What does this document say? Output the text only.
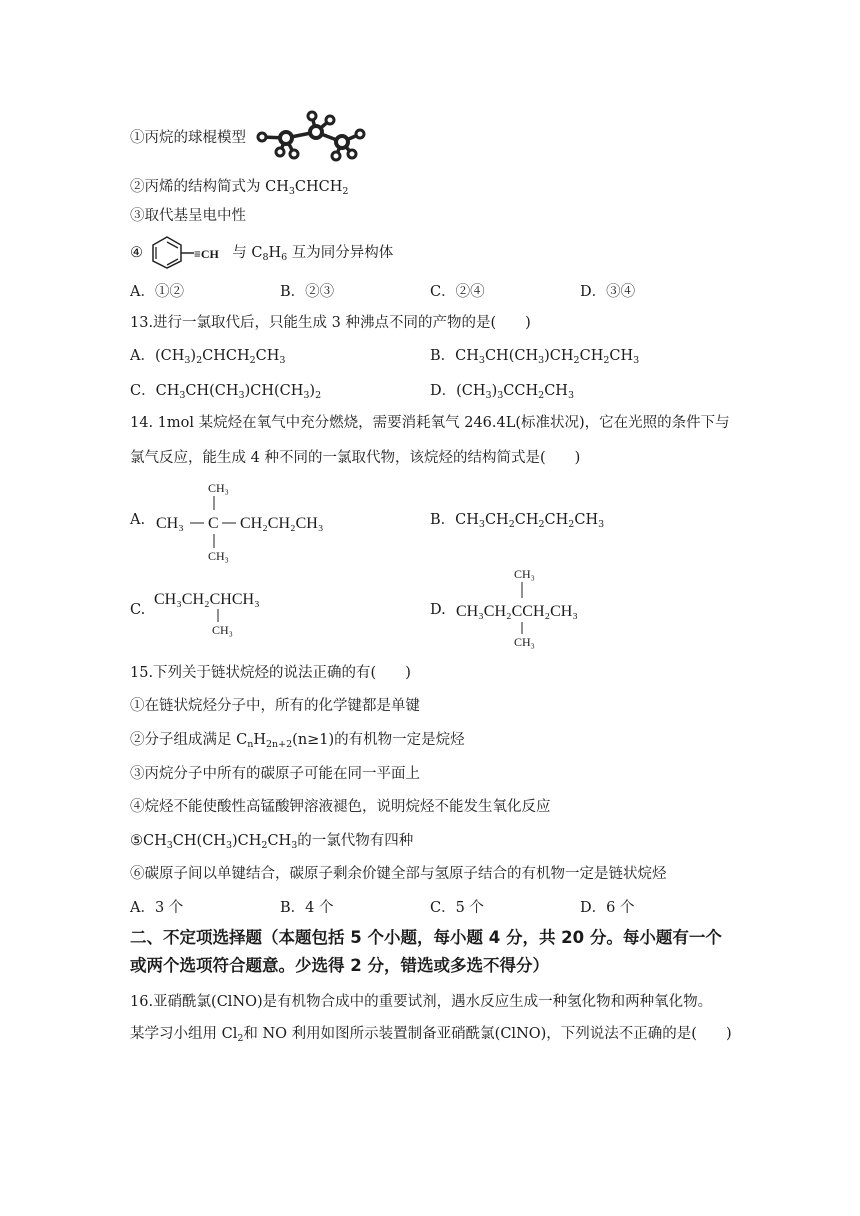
①丙烷的球棍模型
②丙烯的结构简式为 $CH_3CHCH_2$
③取代基呈电中性
④	与 $C_8H_6$ 互为同分异构体
≡CH
A．①②	B．②③	C．②④	D．③④
13.进行一氯取代后，只能生成 3 种沸点不同的产物的是(　　)
A．$(CH_3)_2CHCH_2CH_3$	B．$CH_3CH(CH_3)CH_2CH_2CH_3$
C．$CH_3CH(CH_3)CH(CH_3)_2$	D．$(CH_3)_3CCH_2CH_3$
14. 1mol 某烷烃在氧气中充分燃烧，需要消耗氧气 246.4L(标准状况)，它在光照的条件下与
氯气反应，能生成 4 种不同的一氯取代物，该烷烃的结构简式是(　　)
A.
CH₃
CH₃ C CH₂CH₂CH₃
CH₃
B．$CH_3CH_2CH_2CH_2CH_3$
C.
CH₃CH₂CHCH₃
CH₃
D.
CH₃
CH₃CH₂CCH₂CH₃
CH₃
15.下列关于链状烷烃的说法正确的有(　　)
①在链状烷烃分子中，所有的化学键都是单键
②分子组成满足 $C_nH_{2n+2}(n\ge 1)$的有机物一定是烷烃
③丙烷分子中所有的碳原子可能在同一平面上
④烷烃不能使酸性高锰酸钾溶液褪色，说明烷烃不能发生氧化反应
$⑤CH_3CH(CH_3)CH_2CH_3$的一氯代物有四种
⑥碳原子间以单键结合，碳原子剩余价键全部与氢原子结合的有机物一定是链状烷烃
A．3 个	B．4 个	C．5 个	D．6 个
二、不定项选择题（本题包括 5 个小题，每小题 4 分，共 20 分。每小题有一个
或两个选项符合题意。少选得 2 分，错选或多选不得分）
16.亚硝酰氯(ClNO)是有机物合成中的重要试剂，遇水反应生成一种氢化物和两种氧化物。
某学习小组用 $Cl_2$和 NO 利用如图所示装置制备亚硝酰氯(ClNO)，下列说法不正确的是(　　)
